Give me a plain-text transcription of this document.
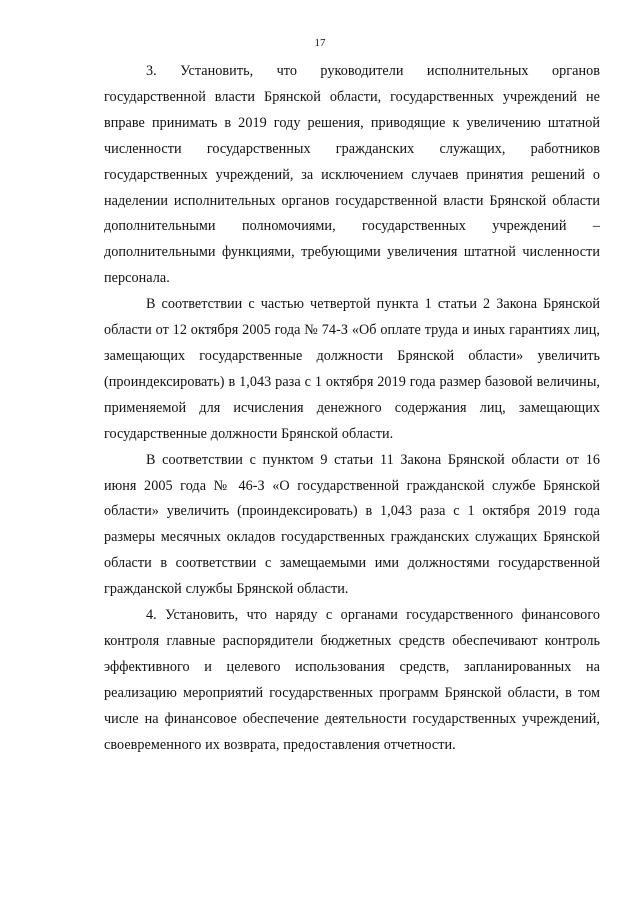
17

3. Установить, что руководители исполнительных органов государственной власти Брянской области, государственных учреждений не вправе принимать в 2019 году решения, приводящие к увеличению штатной численности государственных гражданских служащих, работников государственных учреждений, за исключением случаев принятия решений о наделении исполнительных органов государственной власти Брянской области дополнительными полномочиями, государственных учреждений – дополнительными функциями, требующими увеличения штатной численности персонала.

В соответствии с частью четвертой пункта 1 статьи 2 Закона Брянской области от 12 октября 2005 года № 74-З «Об оплате труда и иных гарантиях лиц, замещающих государственные должности Брянской области» увеличить (проиндексировать) в 1,043 раза с 1 октября 2019 года размер базовой величины, применяемой для исчисления денежного содержания лиц, замещающих государственные должности Брянской области.

В соответствии с пунктом 9 статьи 11 Закона Брянской области от 16 июня 2005 года № 46-З «О государственной гражданской службе Брянской области» увеличить (проиндексировать) в 1,043 раза с 1 октября 2019 года размеры месячных окладов государственных гражданских служащих Брянской области в соответствии с замещаемыми ими должностями государственной гражданской службы Брянской области.

4. Установить, что наряду с органами государственного финансового контроля главные распорядители бюджетных средств обеспечивают контроль эффективного и целевого использования средств, запланированных на реализацию мероприятий государственных программ Брянской области, в том числе на финансовое обеспечение деятельности государственных учреждений, своевременного их возврата, предоставления отчетности.
